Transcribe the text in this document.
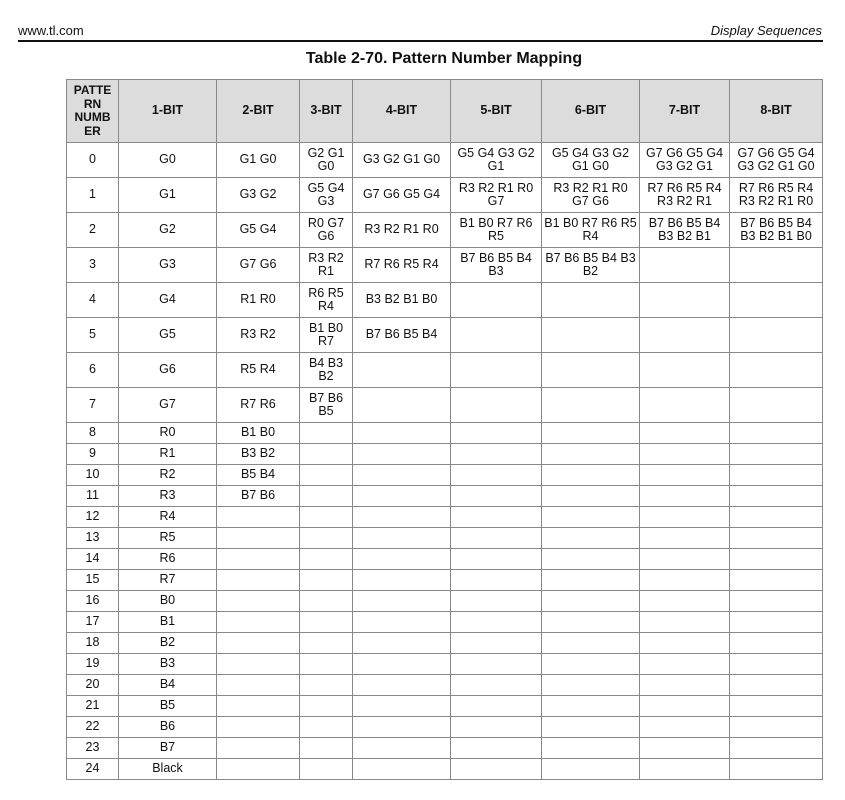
www.tl.com	Display Sequences
Table 2-70. Pattern Number Mapping
PATTE
RN
NUMB
ER	1-BIT	2-BIT	3-BIT	4-BIT	5-BIT	6-BIT	7-BIT	8-BIT
0	G0	G1 G0	G2 G1 G0	G3 G2 G1 G0	G5 G4 G3 G2 G1	G5 G4 G3 G2 G1 G0	G7 G6 G5 G4 G3 G2 G1	G7 G6 G5 G4 G3 G2 G1 G0
1	G1	G3 G2	G5 G4 G3	G7 G6 G5 G4	R3 R2 R1 R0 G7	R3 R2 R1 R0 G7 G6	R7 R6 R5 R4 R3 R2 R1	R7 R6 R5 R4 R3 R2 R1 R0
2	G2	G5 G4	R0 G7 G6	R3 R2 R1 R0	B1 B0 R7 R6 R5	B1 B0 R7 R6 R5 R4	B7 B6 B5 B4 B3 B2 B1	B7 B6 B5 B4 B3 B2 B1 B0
3	G3	G7 G6	R3 R2 R1	R7 R6 R5 R4	B7 B6 B5 B4 B3	B7 B6 B5 B4 B3 B2		
4	G4	R1 R0	R6 R5 R4	B3 B2 B1 B0				
5	G5	R3 R2	B1 B0 R7	B7 B6 B5 B4				
6	G6	R5 R4	B4 B3 B2					
7	G7	R7 R6	B7 B6 B5					
8	R0	B1 B0						
9	R1	B3 B2						
10	R2	B5 B4						
11	R3	B7 B6						
12	R4							
13	R5							
14	R6							
15	R7							
16	B0							
17	B1							
18	B2							
19	B3							
20	B4							
21	B5							
22	B6							
23	B7							
24	Black							
